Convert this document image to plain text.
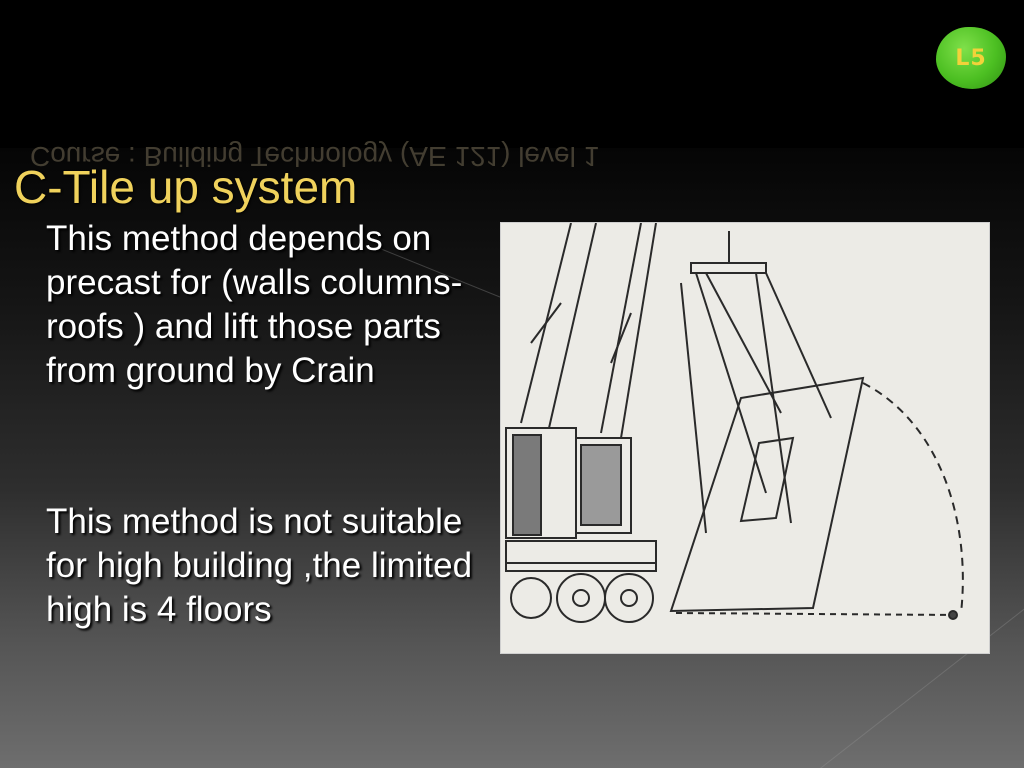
L5
Course : Building Technology (AE 121) level 1
C-Tile up system
This method depends on precast for (walls columns-roofs ) and lift those parts from ground by Crain
This method is not suitable for high building ,the limited high is 4 floors
